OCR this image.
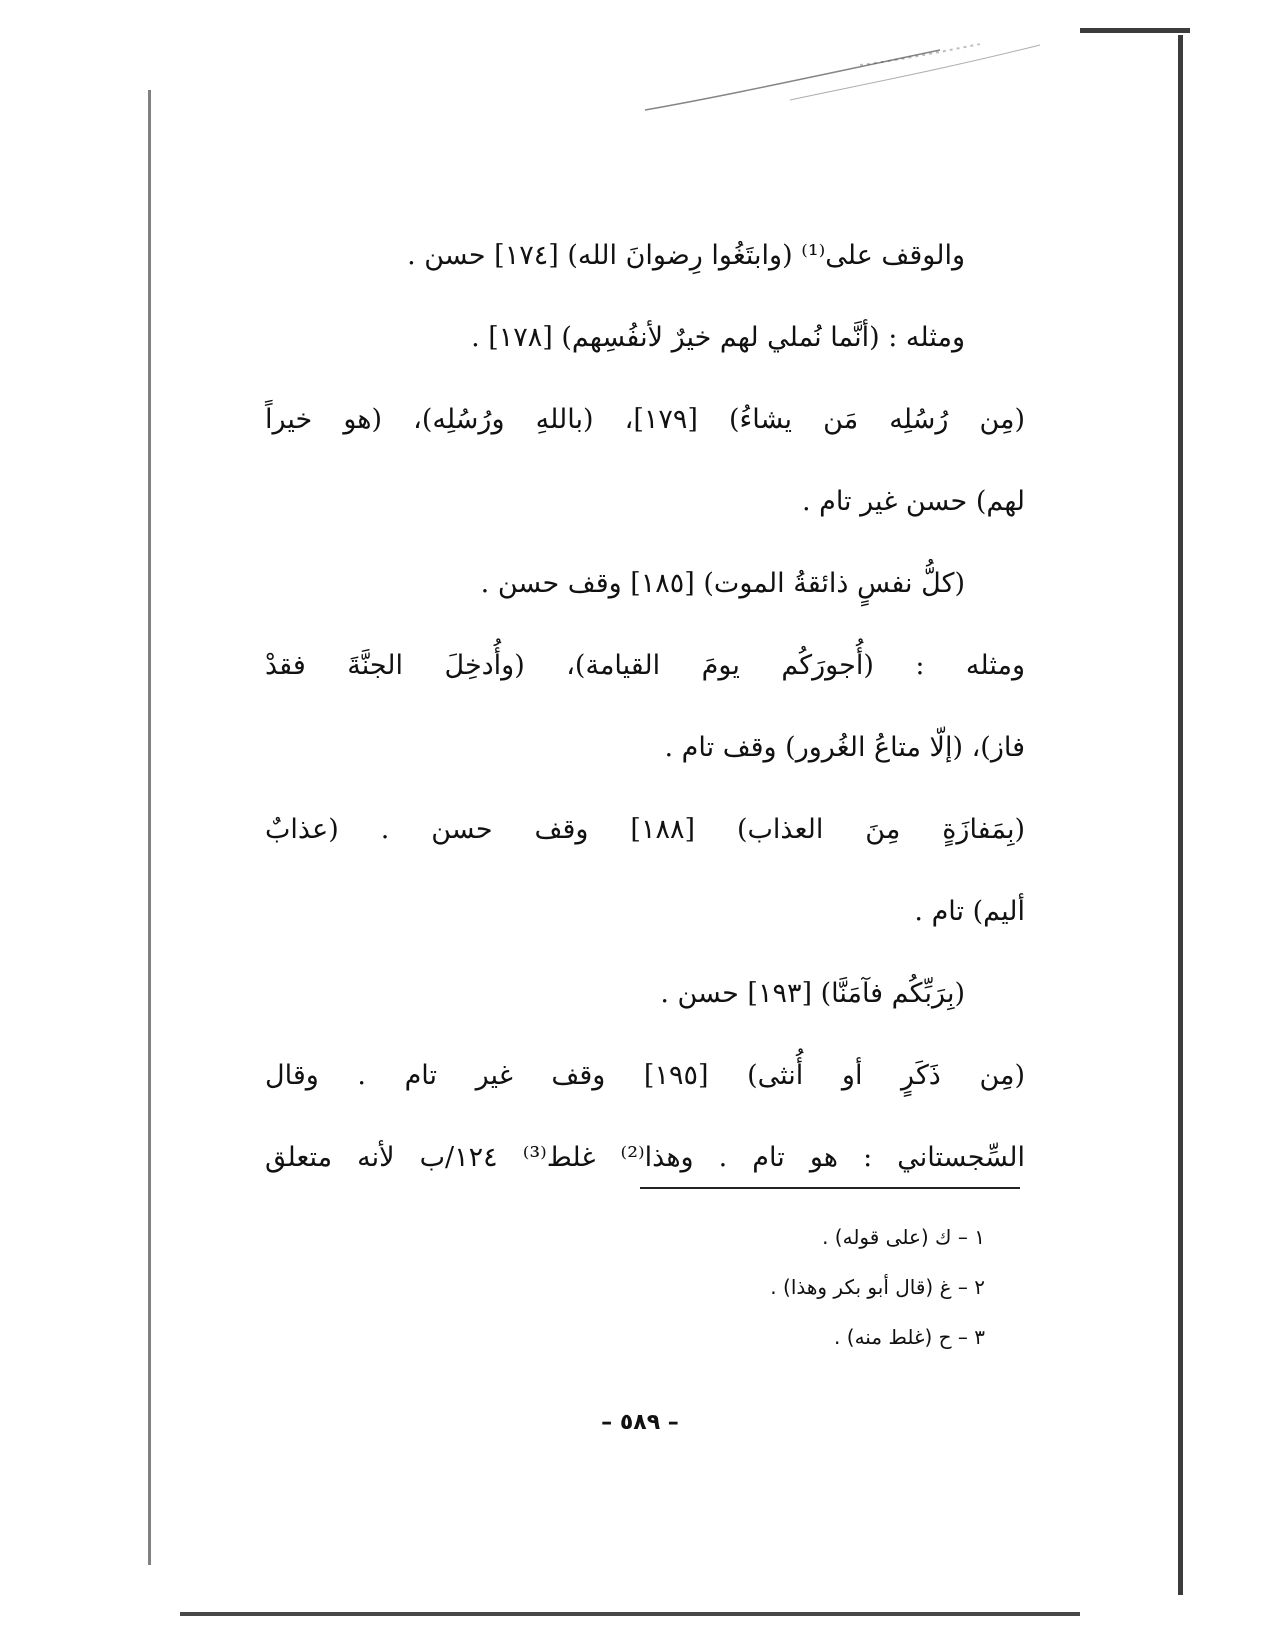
والوقف على⁽¹⁾ (وابتَغُوا رِضوانَ الله) [١٧٤] حسن .
ومثله : (أنَّما نُملي لهم خيرٌ لأنفُسِهم) [١٧٨] .
(مِن رُسُلِه مَن يشاءُ) [١٧٩]، (باللهِ ورُسُلِه)، (هو خيراً
لهم) حسن غير تام .
(كلُّ نفسٍ ذائقةُ الموت) [١٨٥] وقف حسن .
ومثله : (أُجورَكُم يومَ القيامة)، (وأُدخِلَ الجنَّةَ فقدْ
فاز)، (إلّا متاعُ الغُرور) وقف تام .
(بِمَفازَةٍ مِنَ العذاب) [١٨٨] وقف حسن . (عذابٌ
أليم) تام .
(بِرَبِّكُم فآمَنَّا) [١٩٣] حسن .
(مِن ذَكَرٍ أو أُنثى) [١٩٥] وقف غير تام . وقال
السِّجستاني : هو تام . وهذا⁽²⁾ غلط⁽³⁾ ١٢٤/ب لأنه متعلق
١ – ك (على قوله) .
٢ – غ (قال أبو بكر وهذا) .
٣ – ح (غلط منه) .
– ٥٨٩ –
